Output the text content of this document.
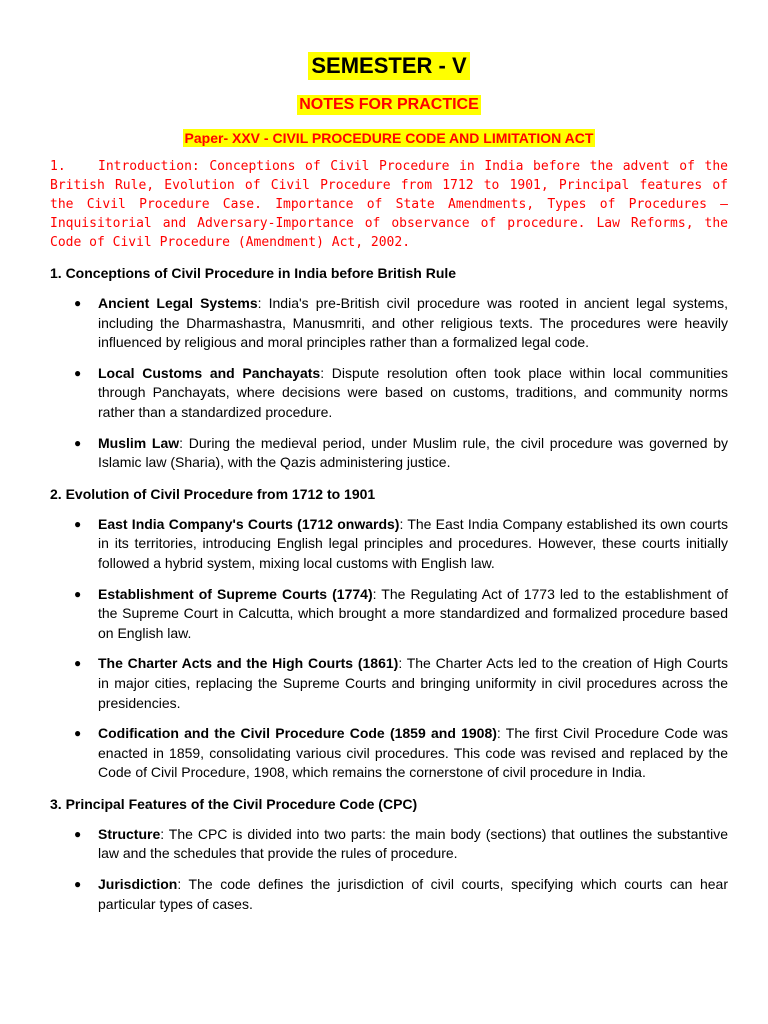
SEMESTER - V
NOTES FOR PRACTICE
Paper- XXV - CIVIL PROCEDURE CODE AND LIMITATION ACT
1. Introduction: Conceptions of Civil Procedure in India before the advent of the British Rule, Evolution of Civil Procedure from 1712 to 1901, Principal features of the Civil Procedure Case. Importance of State Amendments, Types of Procedures – Inquisitorial and Adversary-Importance of observance of procedure. Law Reforms, the Code of Civil Procedure (Amendment) Act, 2002.
1. Conceptions of Civil Procedure in India before British Rule
● Ancient Legal Systems: India's pre-British civil procedure was rooted in ancient legal systems, including the Dharmashastra, Manusmriti, and other religious texts. The procedures were heavily influenced by religious and moral principles rather than a formalized legal code.
● Local Customs and Panchayats: Dispute resolution often took place within local communities through Panchayats, where decisions were based on customs, traditions, and community norms rather than a standardized procedure.
● Muslim Law: During the medieval period, under Muslim rule, the civil procedure was governed by Islamic law (Sharia), with the Qazis administering justice.
2. Evolution of Civil Procedure from 1712 to 1901
● East India Company's Courts (1712 onwards): The East India Company established its own courts in its territories, introducing English legal principles and procedures. However, these courts initially followed a hybrid system, mixing local customs with English law.
● Establishment of Supreme Courts (1774): The Regulating Act of 1773 led to the establishment of the Supreme Court in Calcutta, which brought a more standardized and formalized procedure based on English law.
● The Charter Acts and the High Courts (1861): The Charter Acts led to the creation of High Courts in major cities, replacing the Supreme Courts and bringing uniformity in civil procedures across the presidencies.
● Codification and the Civil Procedure Code (1859 and 1908): The first Civil Procedure Code was enacted in 1859, consolidating various civil procedures. This code was revised and replaced by the Code of Civil Procedure, 1908, which remains the cornerstone of civil procedure in India.
3. Principal Features of the Civil Procedure Code (CPC)
● Structure: The CPC is divided into two parts: the main body (sections) that outlines the substantive law and the schedules that provide the rules of procedure.
● Jurisdiction: The code defines the jurisdiction of civil courts, specifying which courts can hear particular types of cases.
